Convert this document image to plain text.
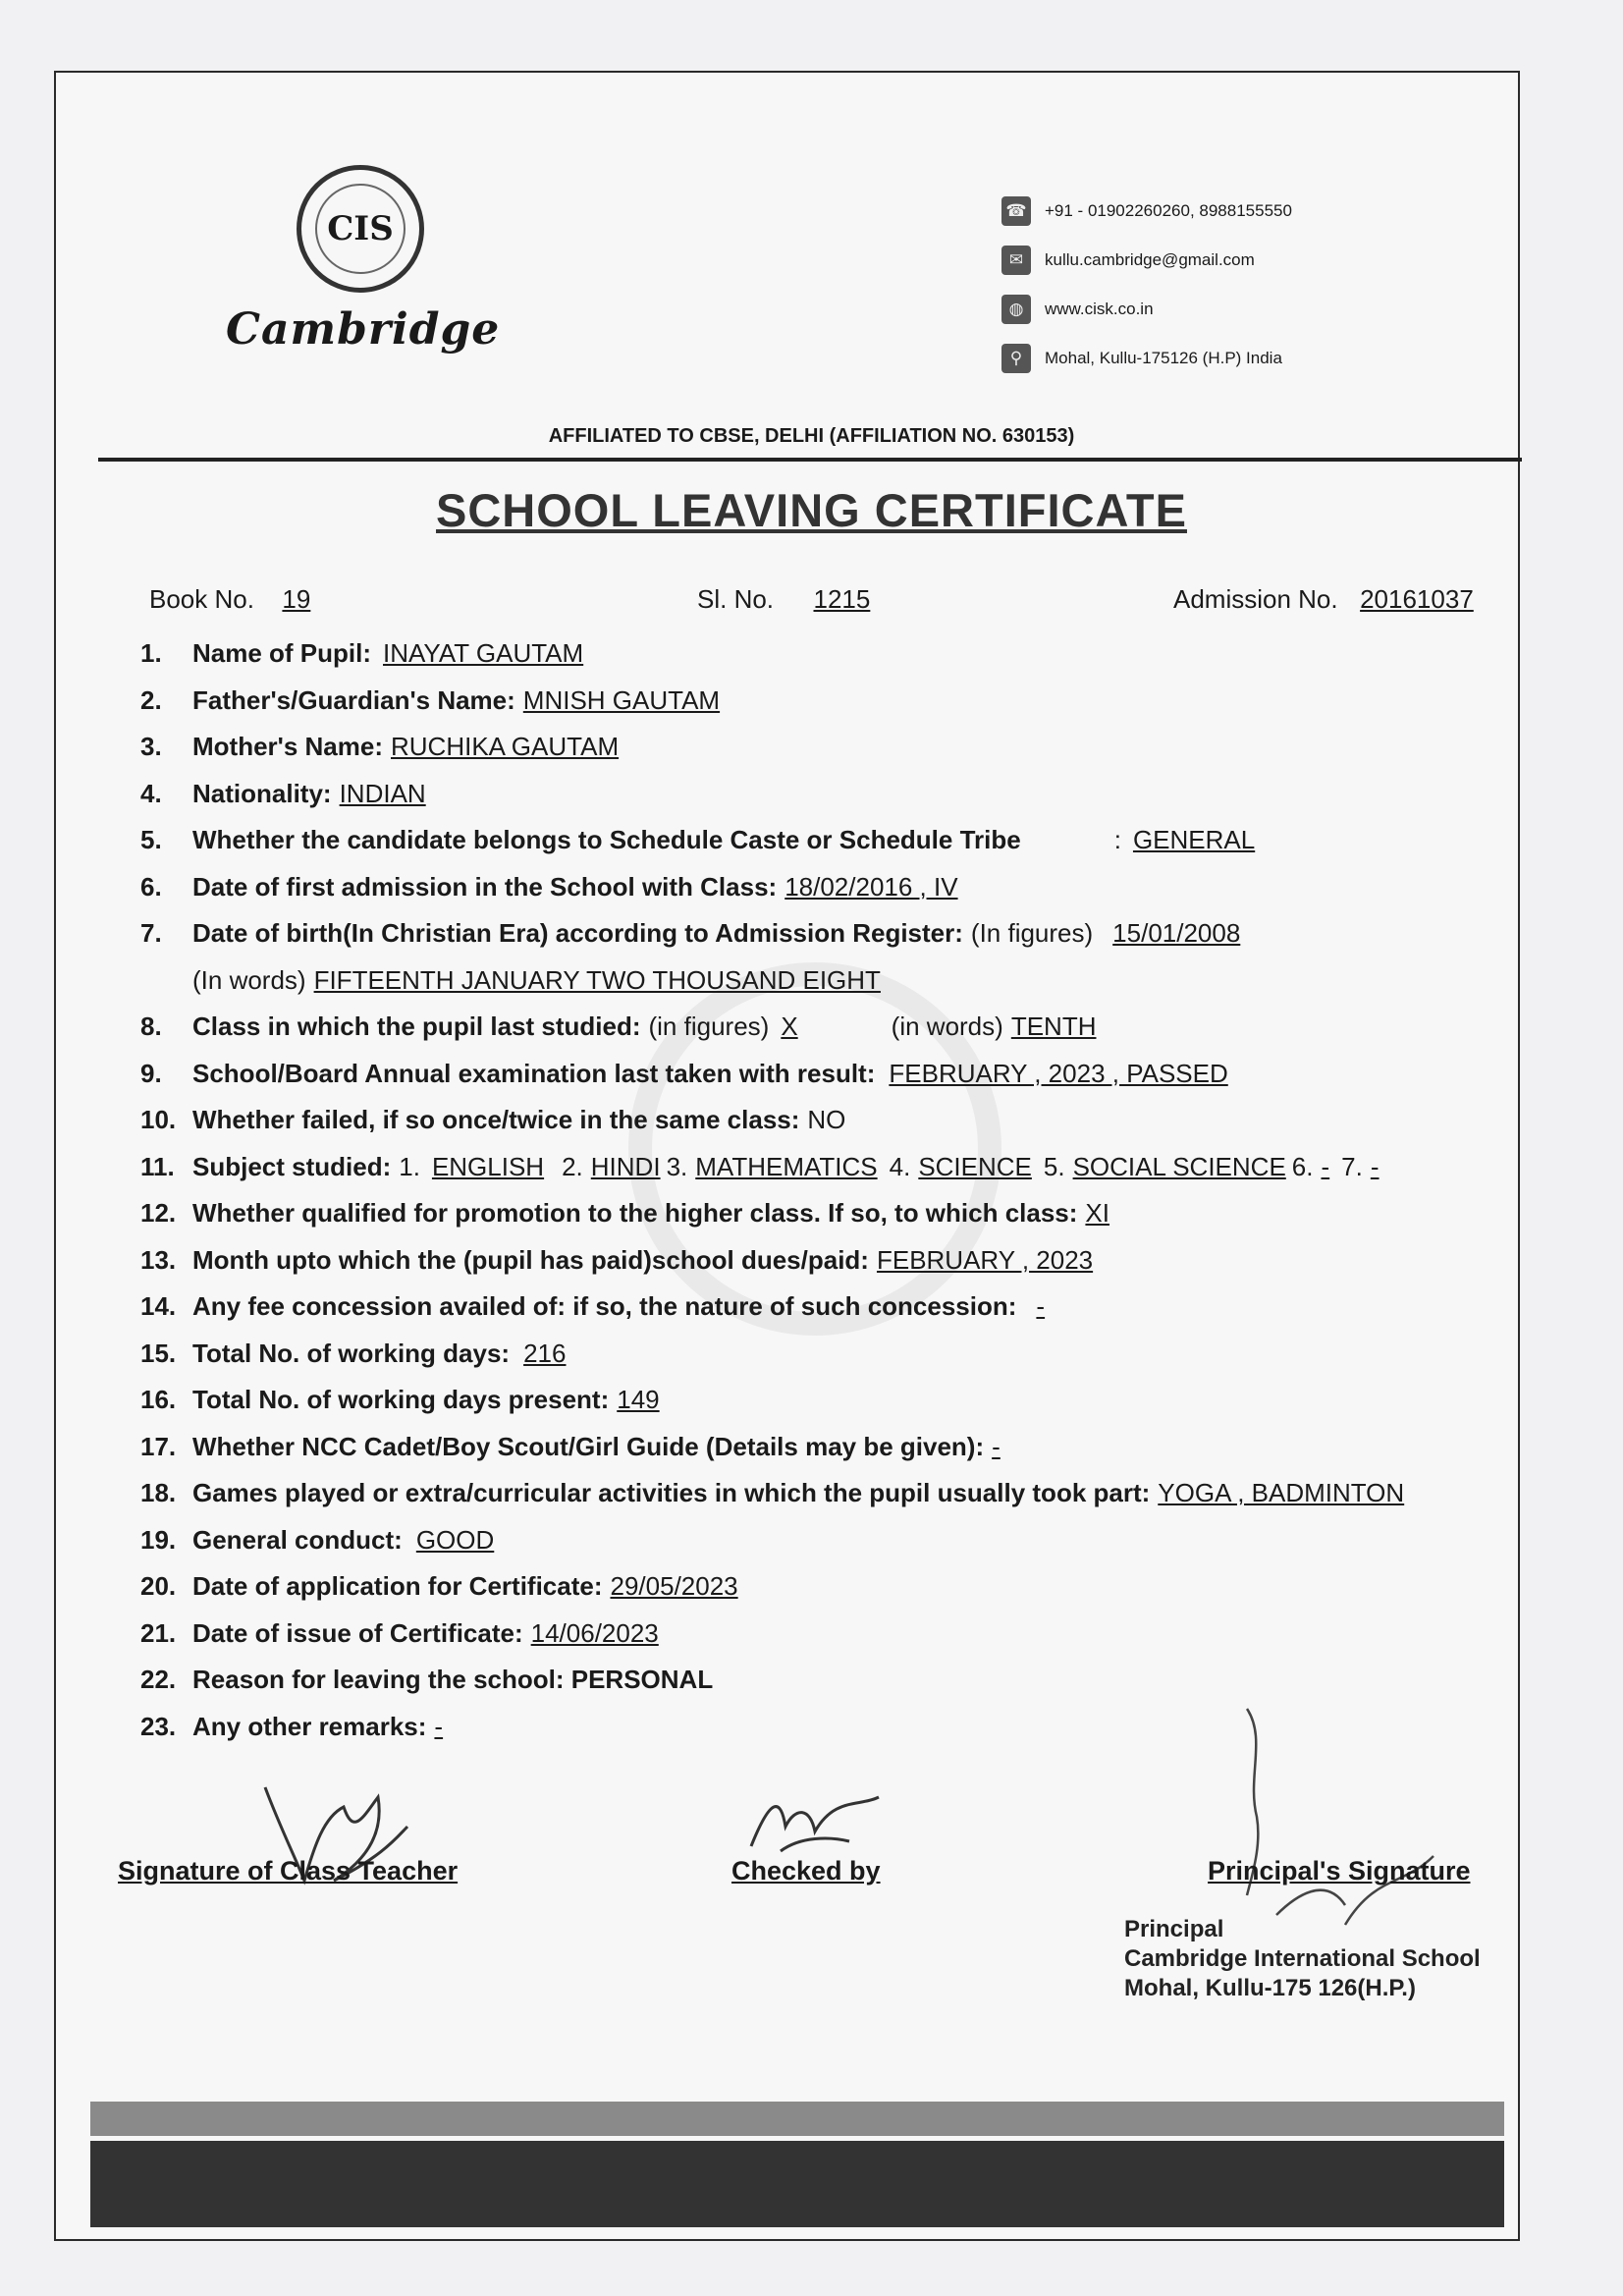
CIS
Cambridge
☎ +91 - 01902260260, 8988155550
✉	kullu.cambridge@gmail.com
◍	www.cisk.co.in
⚲	Mohal, Kullu-175126 (H.P) India
AFFILIATED TO CBSE, DELHI (AFFILIATION NO. 630153)
SCHOOL LEAVING CERTIFICATE
Book No. 19	Sl. No. 1215	Admission No. 20161037
1.	Name of Pupil: INAYAT GAUTAM
2.	Father's/Guardian's Name: MNISH GAUTAM
3.	Mother's Name: RUCHIKA GAUTAM
4.	Nationality: INDIAN
5.	Whether the candidate belongs to Schedule Caste or Schedule Tribe	: GENERAL
6.	Date of first admission in the School with Class: 18/02/2016 , IV
7.	Date of birth(In Christian Era) according to Admission Register: (In figures) 15/01/2008
(In words) FIFTEENTH JANUARY TWO THOUSAND EIGHT
8.	Class in which the pupil last studied: (in figures) X	(in words) TENTH
9.	School/Board Annual examination last taken with result: FEBRUARY , 2023 , PASSED
10. Whether failed, if so once/twice in the same class: NO
11. Subject studied: 1. ENGLISH 2. HINDI 3. MATHEMATICS 4. SCIENCE 5. SOCIAL SCIENCE 6. - 7. -
12. Whether qualified for promotion to the higher class. If so, to which class: XI
13. Month upto which the (pupil has paid)school dues/paid: FEBRUARY , 2023
14. Any fee concession availed of: if so, the nature of such concession: -
15. Total No. of working days: 216
16. Total No. of working days present: 149
17. Whether NCC Cadet/Boy Scout/Girl Guide (Details may be given): -
18. Games played or extra/curricular activities in which the pupil usually took part: YOGA , BADMINTON
19. General conduct: GOOD
20. Date of application for Certificate: 29/05/2023
21. Date of issue of Certificate: 14/06/2023
22. Reason for leaving the school: PERSONAL
23. Any other remarks: -
Signature of Class Teacher	Checked by	Principal's Signature
Principal
Cambridge International School
Mohal, Kullu-175 126(H.P.)
